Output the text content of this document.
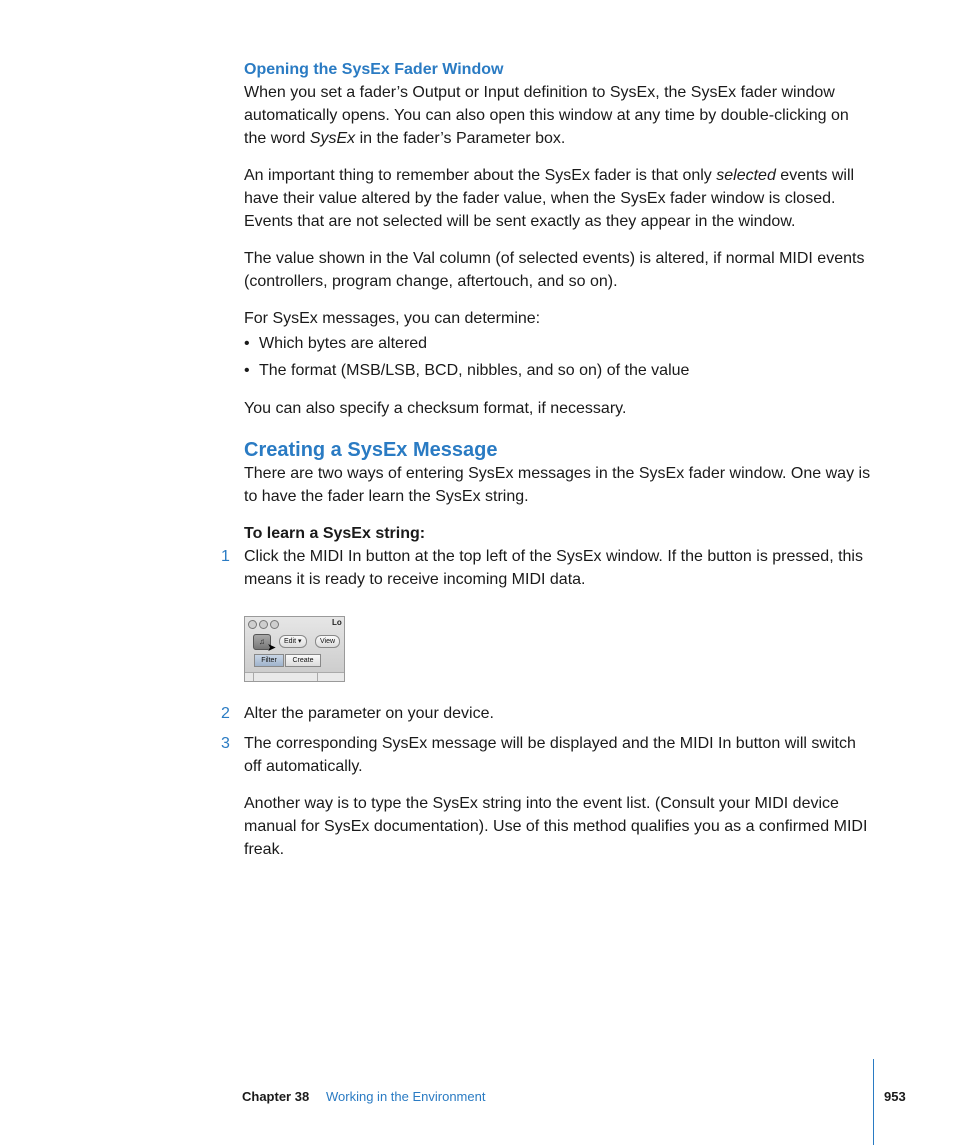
Opening the SysEx Fader Window

When you set a fader’s Output or Input definition to SysEx, the SysEx fader window automatically opens. You can also open this window at any time by double-clicking on the word SysEx in the fader’s Parameter box.

An important thing to remember about the SysEx fader is that only selected events will have their value altered by the fader value, when the SysEx fader window is closed. Events that are not selected will be sent exactly as they appear in the window.

The value shown in the Val column (of selected events) is altered, if normal MIDI events (controllers, program change, aftertouch, and so on).

For SysEx messages, you can determine:

• Which bytes are altered
• The format (MSB/LSB, BCD, nibbles, and so on) of the value

You can also specify a checksum format, if necessary.

Creating a SysEx Message

There are two ways of entering SysEx messages in the SysEx fader window. One way is to have the fader learn the SysEx string.

To learn a SysEx string:
1 Click the MIDI In button at the top left of the SysEx window. If the button is pressed, this means it is ready to receive incoming MIDI data.

Lo
♫
➤
Edit ▾	View
Filter	Create
2 Alter the parameter on your device.

3 The corresponding SysEx message will be displayed and the MIDI In button will switch off automatically.

Another way is to type the SysEx string into the event list. (Consult your MIDI device manual for SysEx documentation). Use of this method qualifies you as a confirmed MIDI freak.

Chapter 38 Working in the Environment	953
